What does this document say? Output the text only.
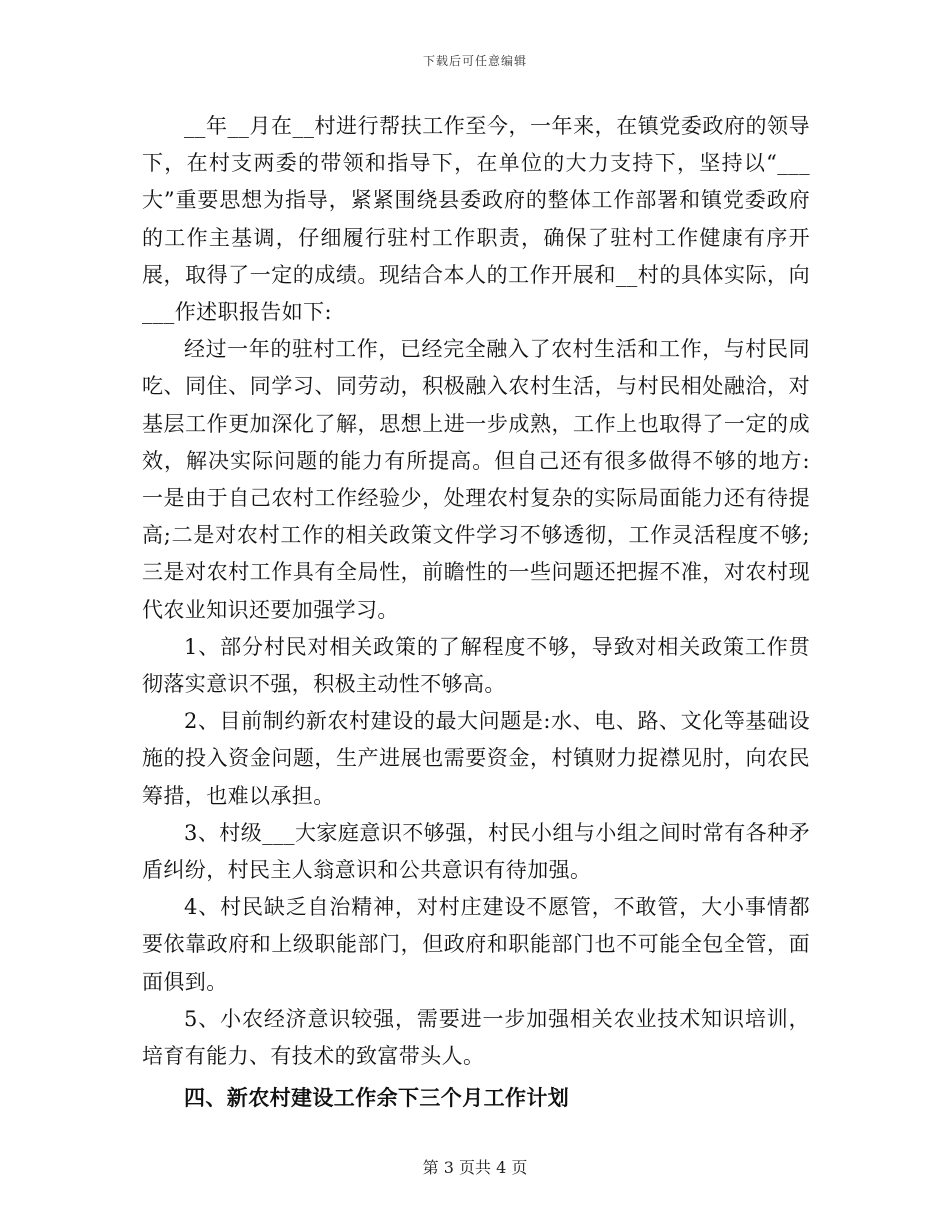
下载后可任意编辑

__年__月在__村进行帮扶工作至今，一年来，在镇党委政府的领导下，在村支两委的带领和指导下，在单位的大力支持下，坚持以“___大”重要思想为指导，紧紧围绕县委政府的整体工作部署和镇党委政府的工作主基调，仔细履行驻村工作职责，确保了驻村工作健康有序开展，取得了一定的成绩。现结合本人的工作开展和__村的具体实际，向___作述职报告如下:

经过一年的驻村工作，已经完全融入了农村生活和工作，与村民同吃、同住、同学习、同劳动，积极融入农村生活，与村民相处融洽，对基层工作更加深化了解，思想上进一步成熟，工作上也取得了一定的成效，解决实际问题的能力有所提高。但自己还有很多做得不够的地方:一是由于自己农村工作经验少，处理农村复杂的实际局面能力还有待提高;二是对农村工作的相关政策文件学习不够透彻，工作灵活程度不够;三是对农村工作具有全局性，前瞻性的一些问题还把握不准，对农村现代农业知识还要加强学习。

1、部分村民对相关政策的了解程度不够，导致对相关政策工作贯彻落实意识不强，积极主动性不够高。

2、目前制约新农村建设的最大问题是:水、电、路、文化等基础设施的投入资金问题，生产进展也需要资金，村镇财力捉襟见肘，向农民筹措，也难以承担。

3、村级___大家庭意识不够强，村民小组与小组之间时常有各种矛盾纠纷，村民主人翁意识和公共意识有待加强。

4、村民缺乏自治精神，对村庄建设不愿管，不敢管，大小事情都要依靠政府和上级职能部门，但政府和职能部门也不可能全包全管，面面俱到。

5、小农经济意识较强，需要进一步加强相关农业技术知识培训，培育有能力、有技术的致富带头人。

四、新农村建设工作余下三个月工作计划

第 3 页共 4 页
